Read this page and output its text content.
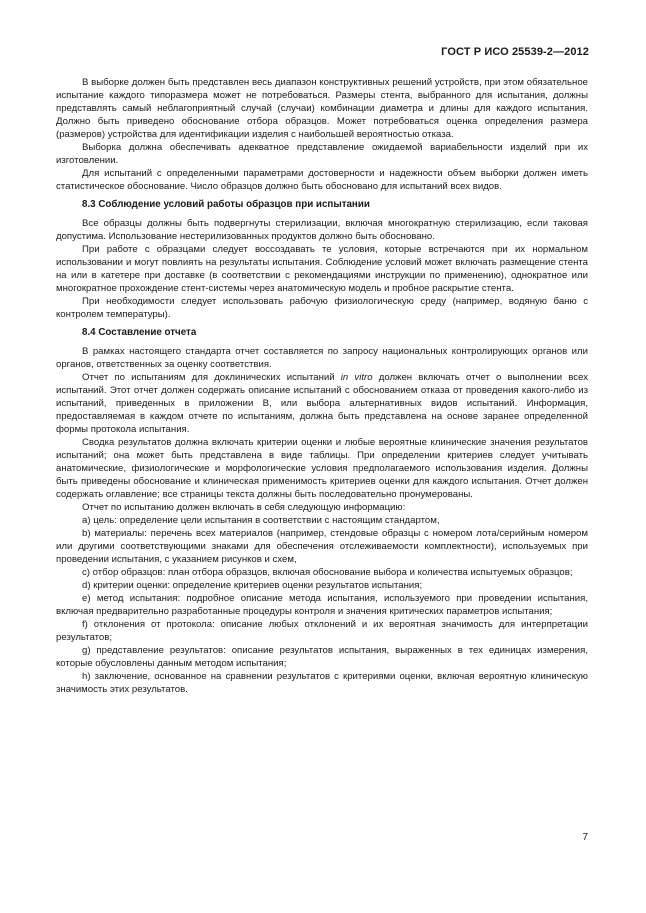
ГОСТ Р ИСО 25539-2—2012

В выборке должен быть представлен весь диапазон конструктивных решений устройств, при этом обязательное испытание каждого типоразмера может не потребоваться. Размеры стента, выбранного для испытания, должны представлять самый неблагоприятный случай (случаи) комбинации диаметра и длины для каждого испытания. Должно быть приведено обоснование отбора образцов. Может потребоваться оценка определения размера (размеров) устройства для идентификации изделия с наибольшей вероятностью отказа.

Выборка должна обеспечивать адекватное представление ожидаемой вариабельности изделий при их изготовлении.

Для испытаний с определенными параметрами достоверности и надежности объем выборки должен иметь статистическое обоснование. Число образцов должно быть обосновано для испытаний всех видов.

8.3 Соблюдение условий работы образцов при испытании

Все образцы должны быть подвергнуты стерилизации, включая многократную стерилизацию, если таковая допустима. Использование нестерилизованных продуктов должно быть обосновано.

При работе с образцами следует воссоздавать те условия, которые встречаются при их нормальном использовании и могут повлиять на результаты испытания. Соблюдение условий может включать размещение стента на или в катетере при доставке (в соответствии с рекомендациями инструкции по применению), однократное или многократное прохождение стент-системы через анатомическую модель и пробное раскрытие стента.

При необходимости следует использовать рабочую физиологическую среду (например, водяную баню с контролем температуры).

8.4 Составление отчета

В рамках настоящего стандарта отчет составляется по запросу национальных контролирующих органов или органов, ответственных за оценку соответствия.

Отчет по испытаниям для доклинических испытаний in vitro должен включать отчет о выполнении всех испытаний. Этот отчет должен содержать описание испытаний с обоснованием отказа от проведения какого-либо из испытаний, приведенных в приложении В, или выбора альтернативных видов испытаний. Информация, предоставляемая в каждом отчете по испытаниям, должна быть представлена на основе заранее определенной формы протокола испытания.

Сводка результатов должна включать критерии оценки и любые вероятные клинические значения результатов испытаний; она может быть представлена в виде таблицы. При определении критериев следует учитывать анатомические, физиологические и морфологические условия предполагаемого использования изделия. Должны быть приведены обоснование и клиническая применимость критериев оценки для каждого испытания. Отчет должен содержать оглавление; все страницы текста должны быть последовательно пронумерованы.

Отчет по испытанию должен включать в себя следующую информацию:

а) цель: определение цели испытания в соответствии с настоящим стандартом,

b) материалы: перечень всех материалов (например, стендовые образцы с номером лота/серийным номером или другими соответствующими знаками для обеспечения отслеживаемости комплектности), используемых при проведении испытания, с указанием рисунков и схем,

c) отбор образцов: план отбора образцов, включая обоснование выбора и количества испытуемых образцов;

d) критерии оценки: определение критериев оценки результатов испытания;

e) метод испытания: подробное описание метода испытания, используемого при проведении испытания, включая предварительно разработанные процедуры контроля и значения критических параметров испытания;

f) отклонения от протокола: описание любых отклонений и их вероятная значимость для интерпретации результатов;

g) представление результатов: описание результатов испытания, выраженных в тех единицах измерения, которые обусловлены данным методом испытания;

h) заключение, основанное на сравнении результатов с критериями оценки, включая вероятную клиническую значимость этих результатов.

7
